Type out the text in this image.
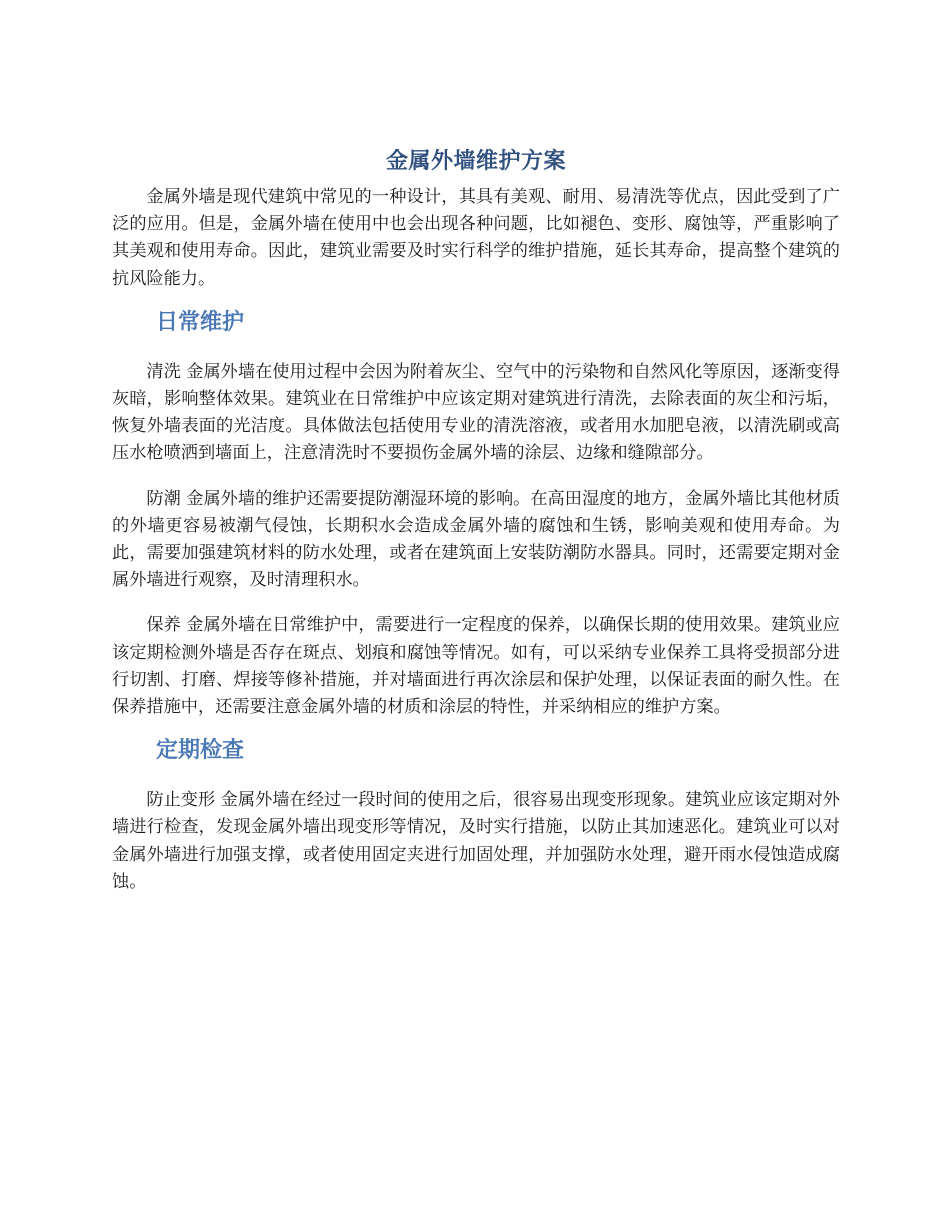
金属外墙维护方案

金属外墙是现代建筑中常见的一种设计，其具有美观、耐用、易清洗等优点，因此受到了广泛的应用。但是，金属外墙在使用中也会出现各种问题，比如褪色、变形、腐蚀等，严重影响了其美观和使用寿命。因此，建筑业需要及时实行科学的维护措施，延长其寿命，提高整个建筑的抗风险能力。

日常维护

清洗 金属外墙在使用过程中会因为附着灰尘、空气中的污染物和自然风化等原因，逐渐变得灰暗，影响整体效果。建筑业在日常维护中应该定期对建筑进行清洗，去除表面的灰尘和污垢，恢复外墙表面的光洁度。具体做法包括使用专业的清洗溶液，或者用水加肥皂液，以清洗刷或高压水枪喷洒到墙面上，注意清洗时不要损伤金属外墙的涂层、边缘和缝隙部分。

防潮 金属外墙的维护还需要提防潮湿环境的影响。在高田湿度的地方，金属外墙比其他材质的外墙更容易被潮气侵蚀，长期积水会造成金属外墙的腐蚀和生锈，影响美观和使用寿命。为此，需要加强建筑材料的防水处理，或者在建筑面上安装防潮防水器具。同时，还需要定期对金属外墙进行观察，及时清理积水。

保养 金属外墙在日常维护中，需要进行一定程度的保养，以确保长期的使用效果。建筑业应该定期检测外墙是否存在斑点、划痕和腐蚀等情况。如有，可以采纳专业保养工具将受损部分进行切割、打磨、焊接等修补措施，并对墙面进行再次涂层和保护处理，以保证表面的耐久性。在保养措施中，还需要注意金属外墙的材质和涂层的特性，并采纳相应的维护方案。

定期检查

防止变形 金属外墙在经过一段时间的使用之后，很容易出现变形现象。建筑业应该定期对外墙进行检查，发现金属外墙出现变形等情况，及时实行措施，以防止其加速恶化。建筑业可以对金属外墙进行加强支撑，或者使用固定夹进行加固处理，并加强防水处理，避开雨水侵蚀造成腐蚀。
